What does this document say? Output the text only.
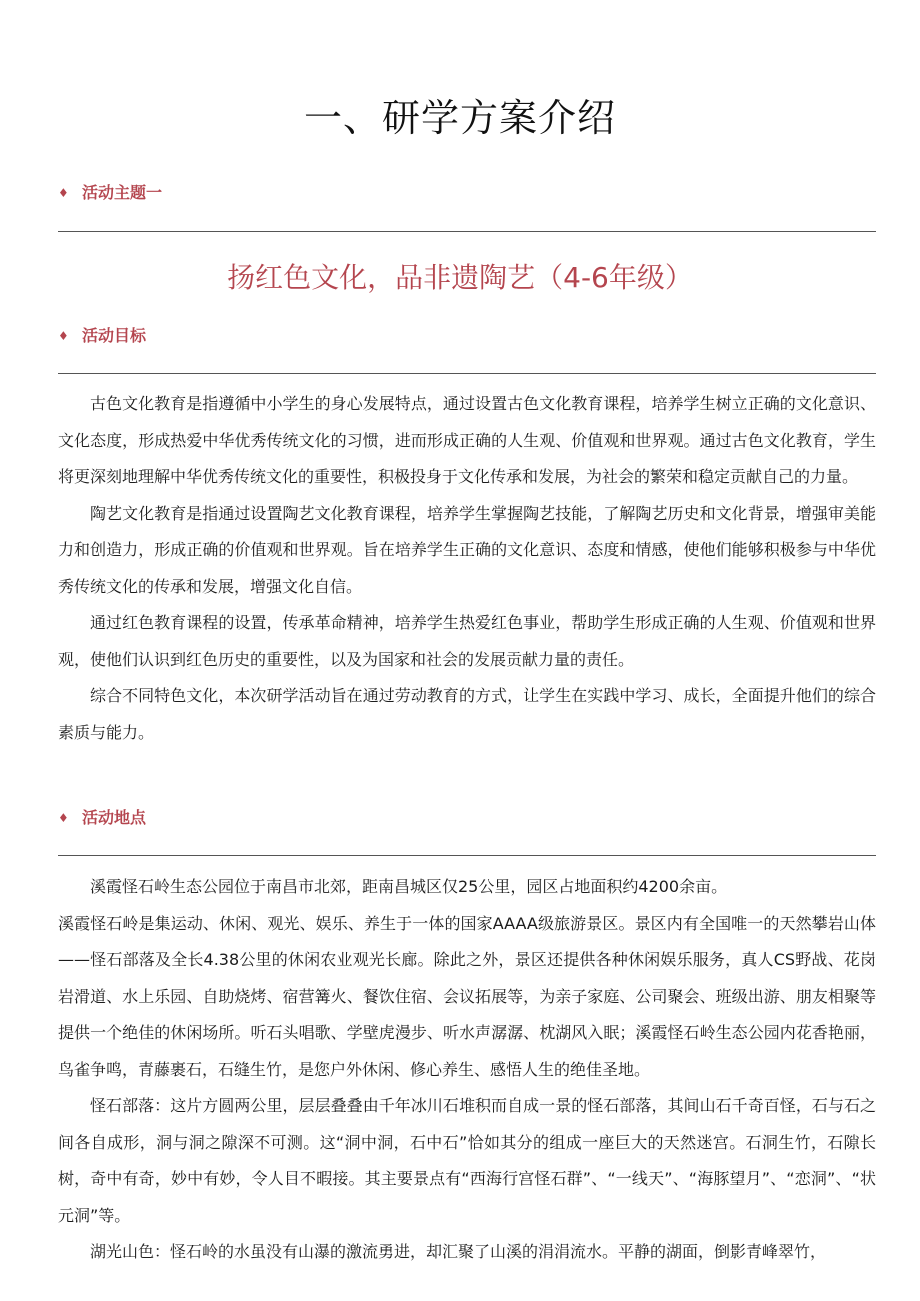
一、研学方案介绍
♦ 活动主题一
扬红色文化，品非遗陶艺（4-6年级）
♦ 活动目标

古色文化教育是指遵循中小学生的身心发展特点，通过设置古色文化教育课程，培养学生树立正确的文化意识、文化态度，形成热爱中华优秀传统文化的习惯，进而形成正确的人生观、价值观和世界观。通过古色文化教育，学生将更深刻地理解中华优秀传统文化的重要性，积极投身于文化传承和发展，为社会的繁荣和稳定贡献自己的力量。

陶艺文化教育是指通过设置陶艺文化教育课程，培养学生掌握陶艺技能，了解陶艺历史和文化背景，增强审美能力和创造力，形成正确的价值观和世界观。旨在培养学生正确的文化意识、态度和情感，使他们能够积极参与中华优秀传统文化的传承和发展，增强文化自信。

通过红色教育课程的设置，传承革命精神，培养学生热爱红色事业，帮助学生形成正确的人生观、价值观和世界观，使他们认识到红色历史的重要性，以及为国家和社会的发展贡献力量的责任。

综合不同特色文化，本次研学活动旨在通过劳动教育的方式，让学生在实践中学习、成长，全面提升他们的综合素质与能力。

♦ 活动地点

溪霞怪石岭生态公园位于南昌市北郊，距南昌城区仅25公里，园区占地面积约4200余亩。

溪霞怪石岭是集运动、休闲、观光、娱乐、养生于一体的国家AAAA级旅游景区。景区内有全国唯一的天然攀岩山体——怪石部落及全长4.38公里的休闲农业观光长廊。除此之外，景区还提供各种休闲娱乐服务，真人CS野战、花岗岩滑道、水上乐园、自助烧烤、宿营篝火、餐饮住宿、会议拓展等，为亲子家庭、公司聚会、班级出游、朋友相聚等提供一个绝佳的休闲场所。听石头唱歌、学壁虎漫步、听水声潺潺、枕湖风入眠；溪霞怪石岭生态公园内花香艳丽，鸟雀争鸣，青藤裹石，石缝生竹，是您户外休闲、修心养生、感悟人生的绝佳圣地。

怪石部落：这片方圆两公里，层层叠叠由千年冰川石堆积而自成一景的怪石部落，其间山石千奇百怪，石与石之间各自成形，洞与洞之隙深不可测。这“洞中洞，石中石”恰如其分的组成一座巨大的天然迷宫。石洞生竹，石隙长树，奇中有奇，妙中有妙，令人目不暇接。其主要景点有“西海行宫怪石群”、“一线天”、“海豚望月”、“恋洞”、“状元洞”等。

湖光山色：怪石岭的水虽没有山瀑的激流勇进，却汇聚了山溪的涓涓流水。平静的湖面，倒影青峰翠竹，
